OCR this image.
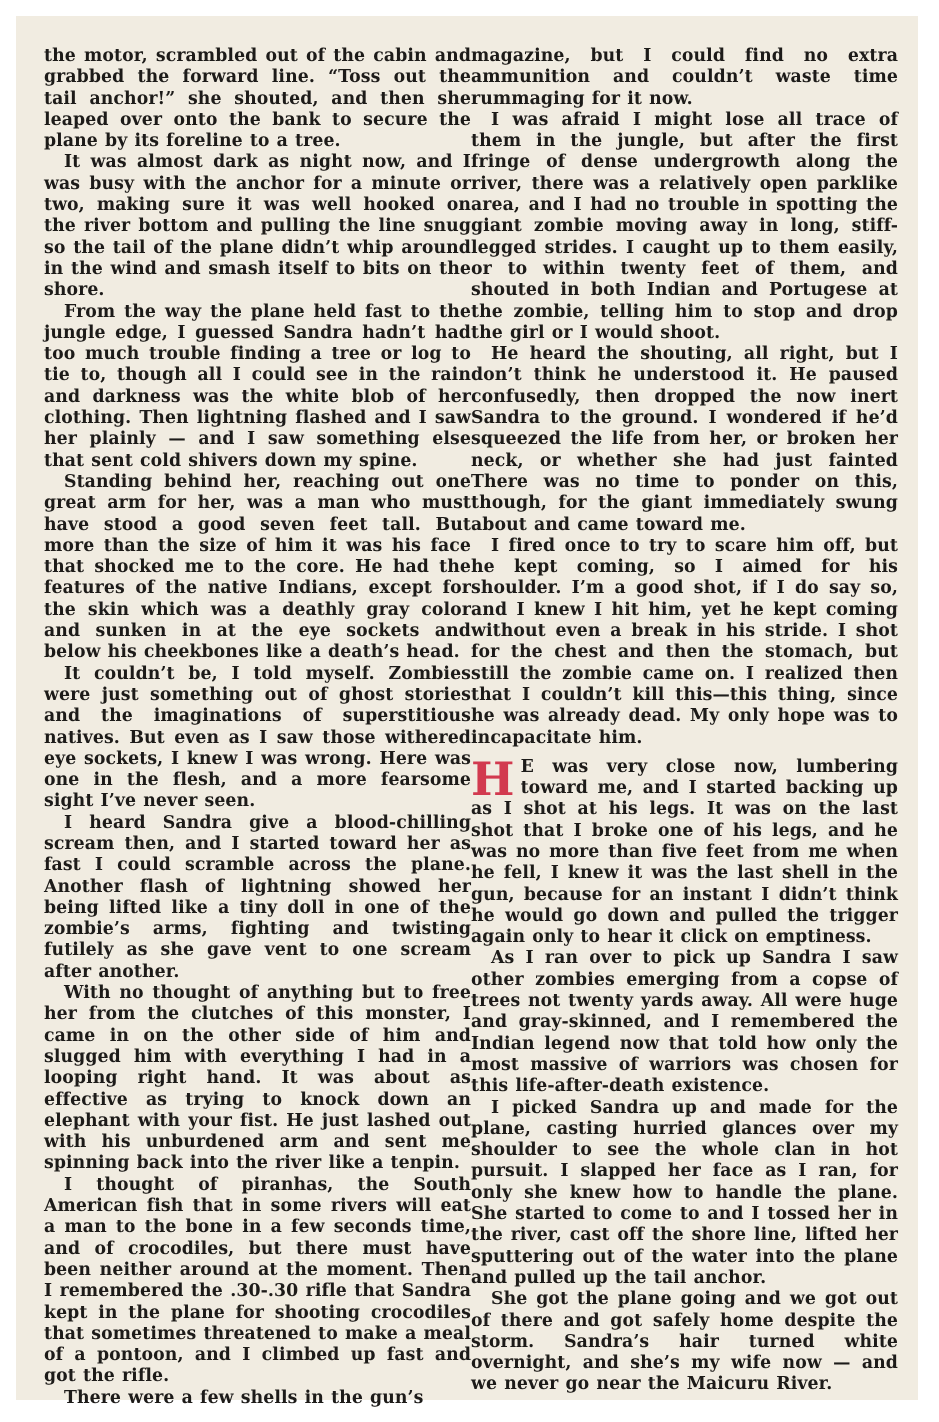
the motor, scrambled out of the cabin and grabbed the forward line. “Toss out the tail anchor!” she shouted, and then she leaped over onto the bank to secure the plane by its foreline to a tree.

It was almost dark as night now, and I was busy with the anchor for a minute or two, making sure it was well hooked on the river bottom and pulling the line snug so the tail of the plane didn’t whip around in the wind and smash itself to bits on the shore.

From the way the plane held fast to the jungle edge, I guessed Sandra hadn’t had too much trouble finding a tree or log to tie to, though all I could see in the rain and darkness was the white blob of her clothing. Then lightning flashed and I saw her plainly — and I saw something else that sent cold shivers down my spine.

Standing behind her, reaching out one great arm for her, was a man who must have stood a good seven feet tall. But more than the size of him it was his face that shocked me to the core. He had the features of the native Indians, except for the skin which was a deathly gray color and sunken in at the eye sockets and below his cheekbones like a death’s head.

It couldn’t be, I told myself. Zombies were just something out of ghost stories and the imaginations of superstitious natives. But even as I saw those withered eye sockets, I knew I was wrong. Here was one in the flesh, and a more fearsome sight I’ve never seen.

I heard Sandra give a blood-chilling scream then, and I started toward her as fast I could scramble across the plane. Another flash of lightning showed her being lifted like a tiny doll in one of the zombie’s arms, fighting and twisting futilely as she gave vent to one scream after another.

With no thought of anything but to free her from the clutches of this monster, I came in on the other side of him and slugged him with everything I had in a looping right hand. It was about as effective as trying to knock down an elephant with your fist. He just lashed out with his unburdened arm and sent me spinning back into the river like a tenpin.

I thought of piranhas, the South American fish that in some rivers will eat a man to the bone in a few seconds time, and of crocodiles, but there must have been neither around at the moment. Then I remembered the .30-.30 rifle that Sandra kept in the plane for shooting crocodiles that sometimes threatened to make a meal of a pontoon, and I climbed up fast and got the rifle.

There were a few shells in the gun’s

magazine, but I could find no extra ammunition and couldn’t waste time rummaging for it now.

I was afraid I might lose all trace of them in the jungle, but after the first fringe of dense undergrowth along the river, there was a relatively open parklike area, and I had no trouble in spotting the giant zombie moving away in long, stiff-legged strides. I caught up to them easily, or to within twenty feet of them, and shouted in both Indian and Portugese at the zombie, telling him to stop and drop the girl or I would shoot.

He heard the shouting, all right, but I don’t think he understood it. He paused confusedly, then dropped the now inert Sandra to the ground. I wondered if he’d squeezed the life from her, or broken her neck, or whether she had just fainted There was no time to ponder on this, though, for the giant immediately swung about and came toward me.

I fired once to try to scare him off, but he kept coming, so I aimed for his shoulder. I’m a good shot, if I do say so, and I knew I hit him, yet he kept coming without even a break in his stride. I shot for the chest and then the stomach, but still the zombie came on. I realized then that I couldn’t kill this—this thing, since he was already dead. My only hope was to incapacitate him.

H E was very close now, lumbering toward me, and I started backing up as I shot at his legs. It was on the last shot that I broke one of his legs, and he was no more than five feet from me when he fell, I knew it was the last shell in the gun, because for an instant I didn’t think he would go down and pulled the trigger again only to hear it click on emptiness.

As I ran over to pick up Sandra I saw other zombies emerging from a copse of trees not twenty yards away. All were huge and gray-skinned, and I remembered the Indian legend now that told how only the most massive of warriors was chosen for this life-after-death existence.

I picked Sandra up and made for the plane, casting hurried glances over my shoulder to see the whole clan in hot pursuit. I slapped her face as I ran, for only she knew how to handle the plane. She started to come to and I tossed her in the river, cast off the shore line, lifted her sputtering out of the water into the plane and pulled up the tail anchor.

She got the plane going and we got out of there and got safely home despite the storm. Sandra’s hair turned white overnight, and she’s my wife now — and we never go near the Maicuru River.
